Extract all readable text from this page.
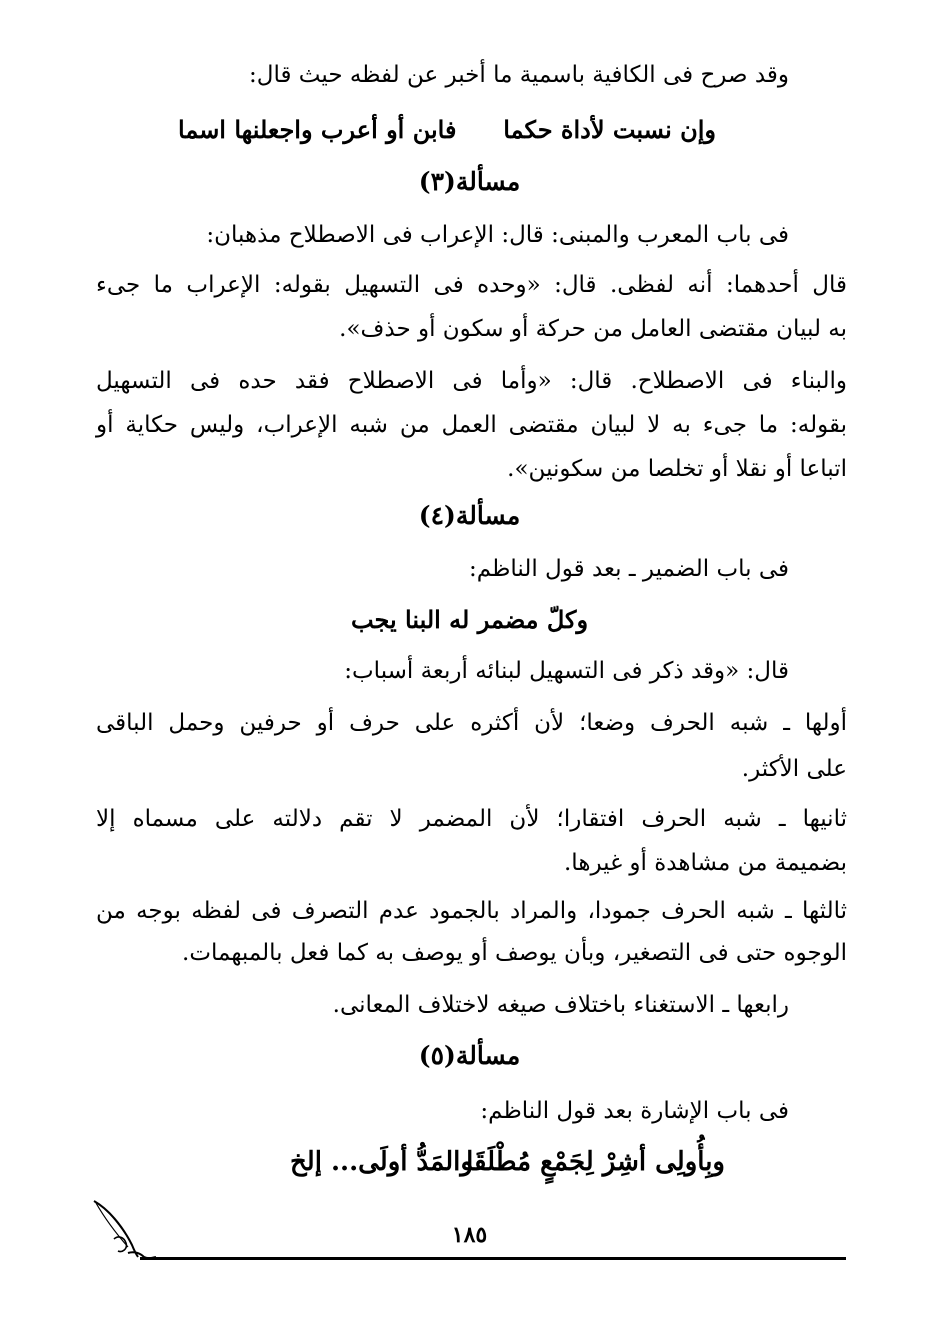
وقد صرح فى الكافية باسمية ما أخبر عن لفظه حيث قال:
وإن نسبت لأداة حكما
فابن أو أعرب واجعلنها اسما
مسألة(٣)
فى باب المعرب والمبنى: قال: الإعراب فى الاصطلاح مذهبان:
قال أحدهما: أنه لفظى. قال: «وحده فى التسهيل بقوله: الإعراب ما جىء
به لبيان مقتضى العامل من حركة أو سكون أو حذف».
والبناء فى الاصطلاح. قال: «وأما فى الاصطلاح فقد حده فى التسهيل
بقوله: ما جىء به لا لبيان مقتضى العمل من شبه الإعراب، وليس حكاية أو
اتباعا أو نقلا أو تخلصا من سكونين».
مسألة(٤)
فى باب الضمير ـ بعد قول الناظم:
وكلّ مضمر له البنا يجب
قال: «وقد ذكر فى التسهيل لبنائه أربعة أسباب:
أولها ـ شبه الحرف وضعا؛ لأن أكثره على حرف أو حرفين وحمل الباقى
على الأكثر.
ثانيها ـ شبه الحرف افتقارا؛ لأن المضمر لا تقم دلالته على مسماه إلا
بضميمة من مشاهدة أو غيرها.
ثالثها ـ شبه الحرف جمودا، والمراد بالجمود عدم التصرف فى لفظه بوجه من
الوجوه حتى فى التصغير، وبأن يوصف أو يوصف به كما فعل بالمبهمات.
رابعها ـ الاستغناء باختلاف صيغه لاختلاف المعانى.
مسألة(٥)
فى باب الإشارة بعد قول الناظم:
وبِأُولِى أشِرْ لِجَمْعٍ مُطْلَقَا
والمَدُّ أولَى... إلخ
١٨٥
